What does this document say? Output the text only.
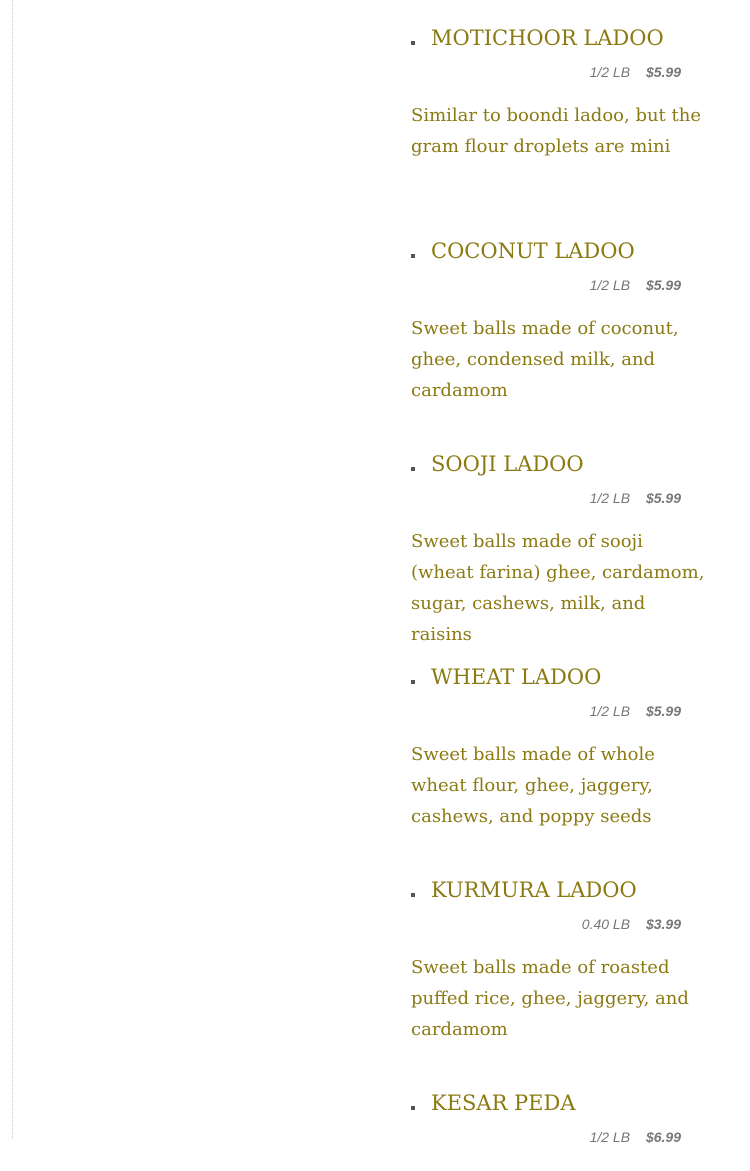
MOTICHOOR LADOO
1/2 LB $5.99
Similar to boondi ladoo, but the gram flour droplets are mini
COCONUT LADOO
1/2 LB $5.99
Sweet balls made of coconut, ghee, condensed milk, and cardamom
SOOJI LADOO
1/2 LB $5.99
Sweet balls made of sooji (wheat farina) ghee, cardamom, sugar, cashews, milk, and raisins
WHEAT LADOO
1/2 LB $5.99
Sweet balls made of whole wheat flour, ghee, jaggery, cashews, and poppy seeds
KURMURA LADOO
0.40 LB $3.99
Sweet balls made of roasted puffed rice, ghee, jaggery, and cardamom
KESAR PEDA
1/2 LB $6.99
